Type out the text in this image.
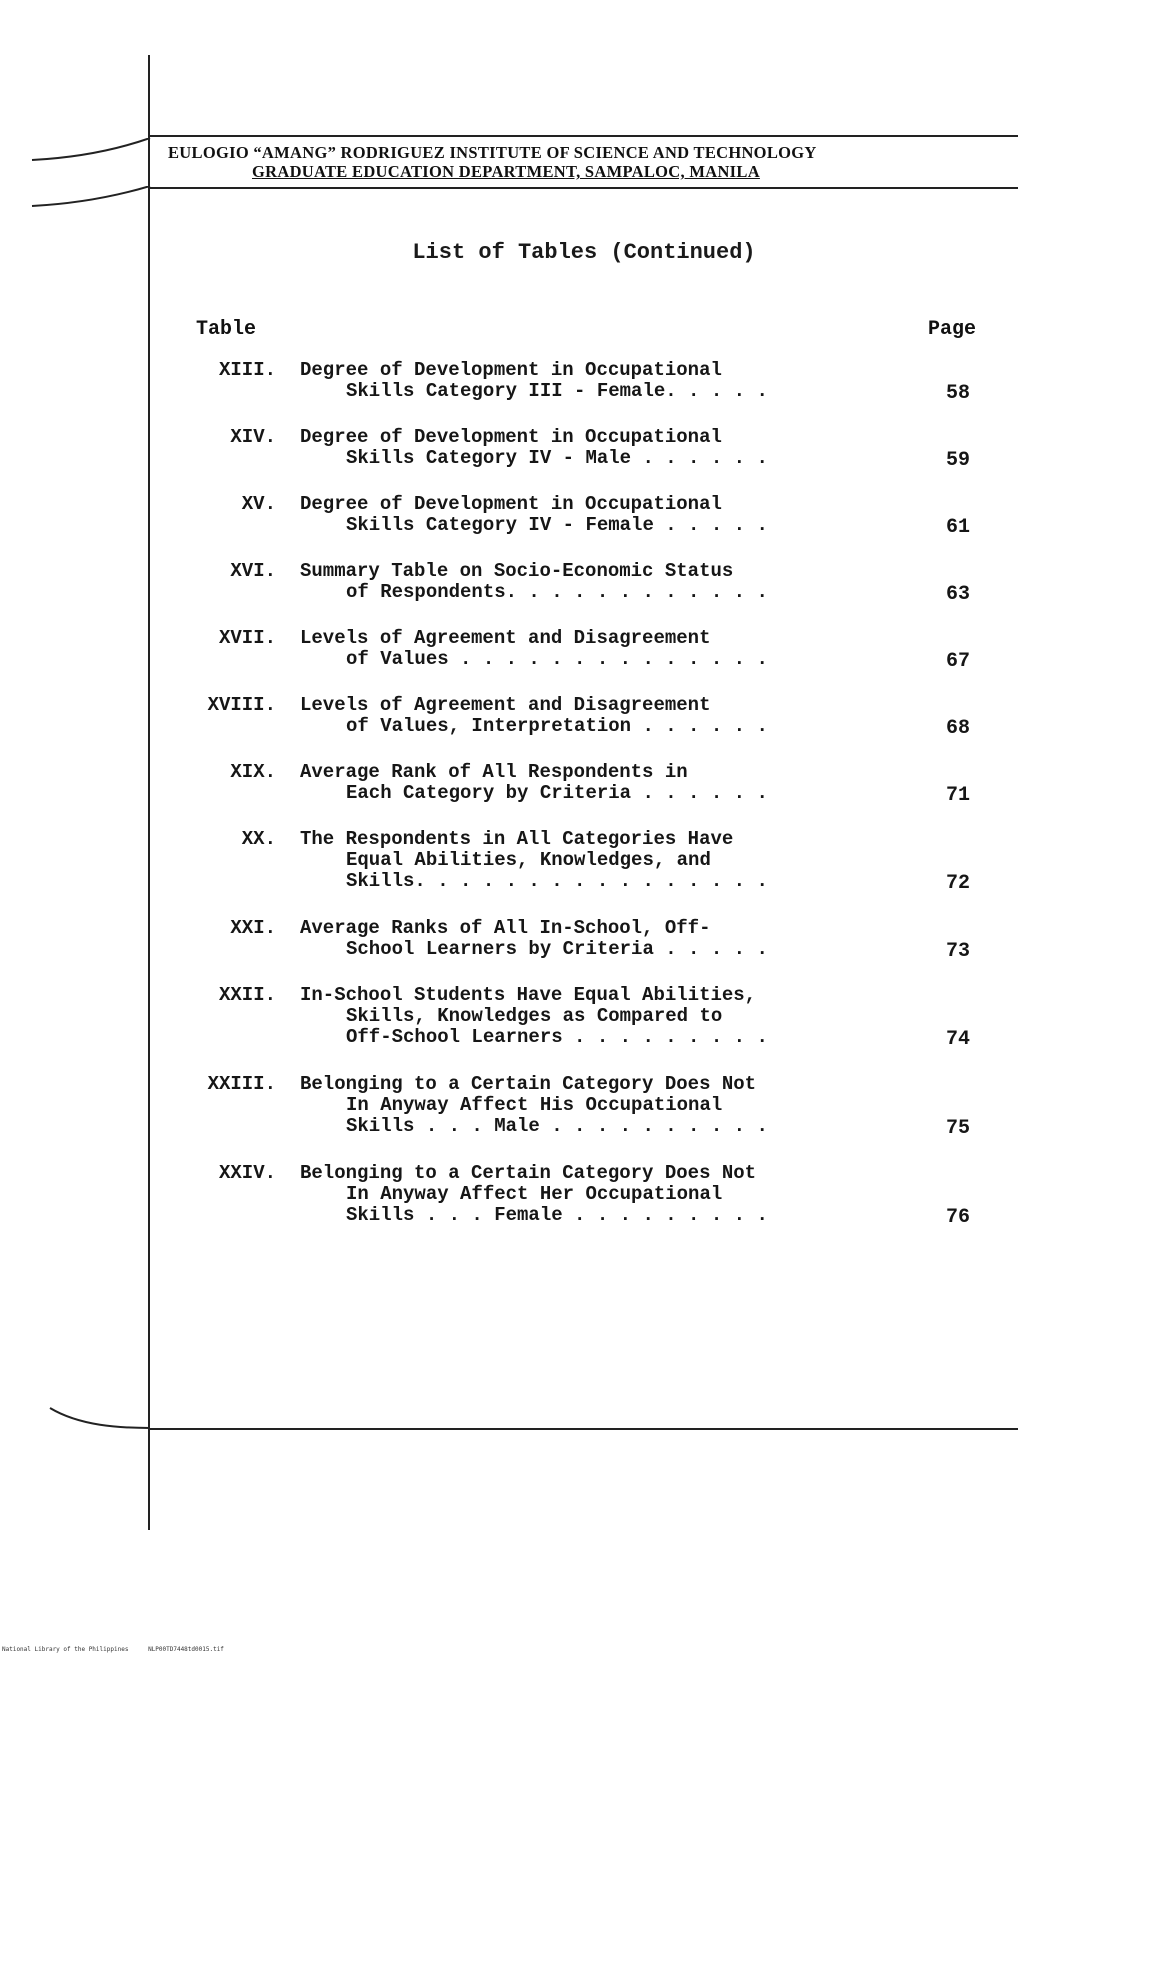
EULOGIO “AMANG” RODRIGUEZ INSTITUTE OF SCIENCE AND TECHNOLOGY
GRADUATE EDUCATION DEPARTMENT, SAMPALOC, MANILA
List of Tables (Continued)
Table	Page
XIII. Degree of Development in Occupational
Skills Category III - Female. . . . .	58
XIV. Degree of Development in Occupational
Skills Category IV - Male . . . . . .	59
XV. Degree of Development in Occupational
Skills Category IV - Female . . . . .	61
XVI. Summary Table on Socio-Economic Status
of Respondents. . . . . . . . . . . .	63
XVII. Levels of Agreement and Disagreement
of Values . . . . . . . . . . . . . .	67
XVIII. Levels of Agreement and Disagreement
of Values, Interpretation . . . . . .	68
XIX. Average Rank of All Respondents in
Each Category by Criteria . . . . . .	71
XX. The Respondents in All Categories Have
Equal Abilities, Knowledges, and
Skills. . . . . . . . . . . . . . . .	72
XXI. Average Ranks of All In-School, Off-
School Learners by Criteria . . . . .	73
XXII. In-School Students Have Equal Abilities,
Skills, Knowledges as Compared to
Off-School Learners . . . . . . . . .	74
XXIII. Belonging to a Certain Category Does Not
In Anyway Affect His Occupational
Skills . . . Male . . . . . . . . . .	75
XXIV. Belonging to a Certain Category Does Not
In Anyway Affect Her Occupational
Skills . . . Female . . . . . . . . .	76
National Library of the Philippines	NLP00TD7448td0015.tif
